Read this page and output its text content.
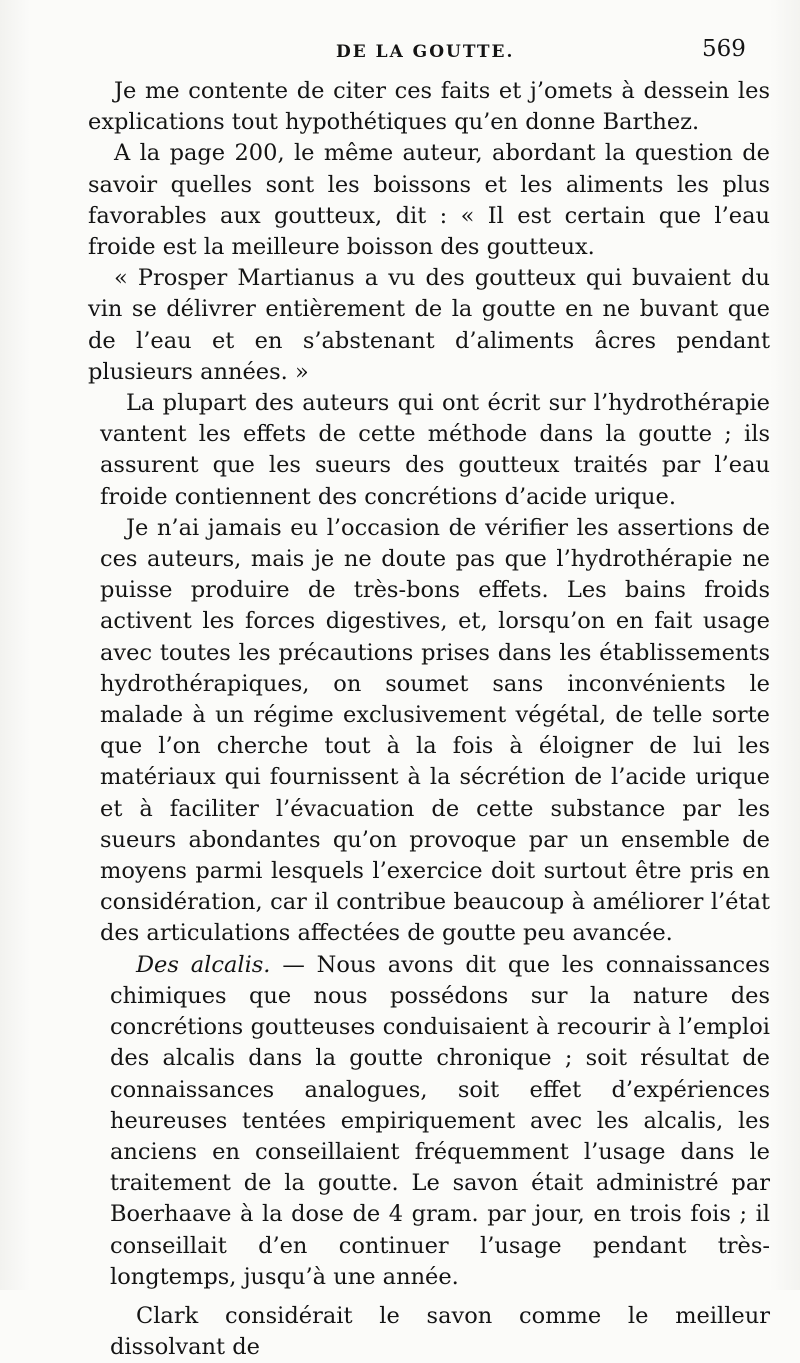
DE LA GOUTTE.	569

Je me contente de citer ces faits et j’omets à dessein les explications tout hypothétiques qu’en donne Barthez.

A la page 200, le même auteur, abordant la question de savoir quelles sont les boissons et les aliments les plus favorables aux goutteux, dit : « Il est certain que l’eau froide est la meilleure boisson des goutteux.

« Prosper Martianus a vu des goutteux qui buvaient du vin se délivrer entièrement de la goutte en ne buvant que de l’eau et en s’abstenant d’aliments âcres pendant plusieurs années. »

La plupart des auteurs qui ont écrit sur l’hydrothérapie vantent les effets de cette méthode dans la goutte ; ils assurent que les sueurs des goutteux traités par l’eau froide contiennent des concrétions d’acide urique.

Je n’ai jamais eu l’occasion de vérifier les assertions de ces auteurs, mais je ne doute pas que l’hydrothérapie ne puisse produire de très-bons effets. Les bains froids activent les forces digestives, et, lorsqu’on en fait usage avec toutes les précautions prises dans les établissements hydrothérapiques, on soumet sans inconvénients le malade à un régime exclusivement végétal, de telle sorte que l’on cherche tout à la fois à éloigner de lui les matériaux qui fournissent à la sécrétion de l’acide urique et à faciliter l’évacuation de cette substance par les sueurs abondantes qu’on provoque par un ensemble de moyens parmi lesquels l’exercice doit surtout être pris en considération, car il contribue beaucoup à améliorer l’état des articulations affectées de goutte peu avancée.

Des alcalis. — Nous avons dit que les connaissances chimiques que nous possédons sur la nature des concrétions goutteuses conduisaient à recourir à l’emploi des alcalis dans la goutte chronique ; soit résultat de connaissances analogues, soit effet d’expériences heureuses tentées empiriquement avec les alcalis, les anciens en conseillaient fréquemment l’usage dans le traitement de la goutte. Le savon était administré par Boerhaave à la dose de 4 gram. par jour, en trois fois ; il conseillait d’en continuer l’usage pendant très-longtemps, jusqu’à une année.

Clark considérait le savon comme le meilleur dissolvant de
